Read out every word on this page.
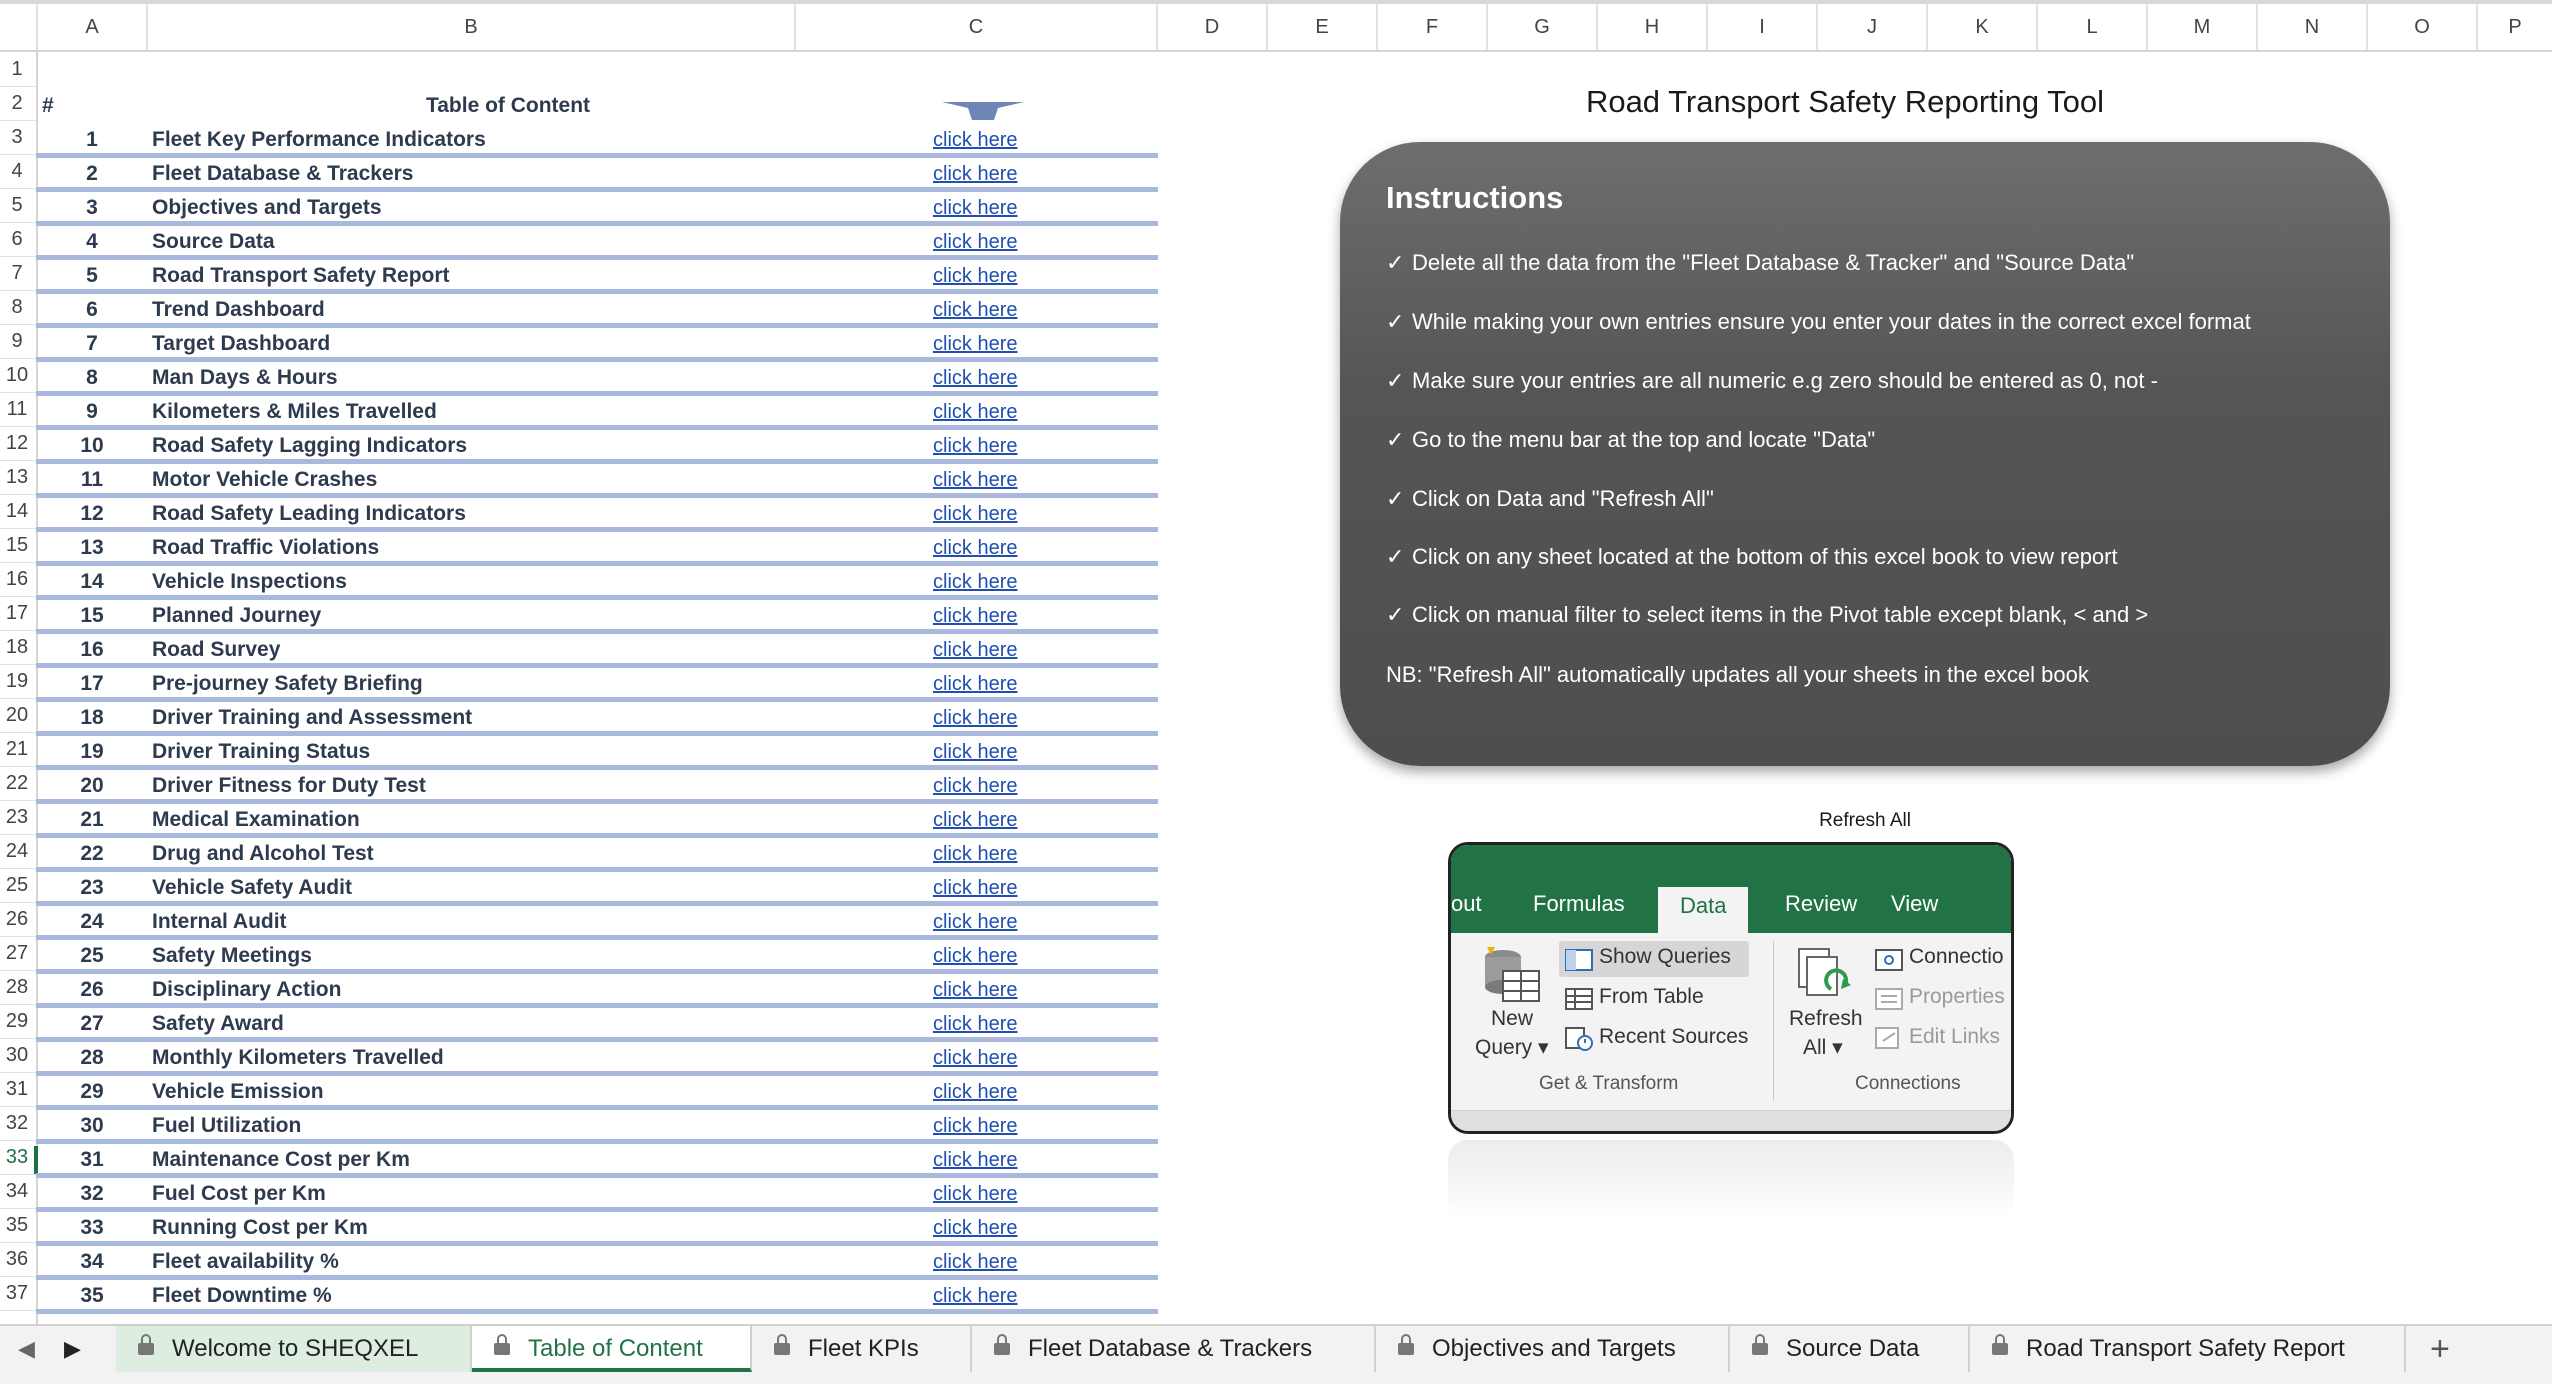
A	B	C	D	E	F	G	H	I	J	K	L	M	N	O	P
1
2
3
4
5
6
7
8
9
10
11
12
13
14
15
16
17
18
19
20
21
22
23
24
25
26
27
28
29
30
31
32
33
34
35
36
37
#	Table of Content
1	Fleet Key Performance Indicators	click here
2	Fleet Database & Trackers	click here
3	Objectives and Targets	click here
4	Source Data	click here
5	Road Transport Safety Report	click here
6	Trend Dashboard	click here
7	Target Dashboard	click here
8	Man Days & Hours	click here
9	Kilometers & Miles Travelled	click here
10	Road Safety Lagging Indicators	click here
11	Motor Vehicle Crashes	click here
12	Road Safety Leading Indicators	click here
13	Road Traffic Violations	click here
14	Vehicle Inspections	click here
15	Planned Journey	click here
16	Road Survey	click here
17	Pre-journey Safety Briefing	click here
18	Driver Training and Assessment	click here
19	Driver Training Status	click here
20	Driver Fitness for Duty Test	click here
21	Medical Examination	click here
22	Drug and Alcohol Test	click here
23	Vehicle Safety Audit	click here
24	Internal Audit	click here
25	Safety Meetings	click here
26	Disciplinary Action	click here
27	Safety Award	click here
28	Monthly Kilometers Travelled	click here
29	Vehicle Emission	click here
30	Fuel Utilization	click here
31	Maintenance Cost per Km	click here
32	Fuel Cost per Km	click here
33	Running Cost per Km	click here
34	Fleet availability %	click here
35	Fleet Downtime %	click here
Road Transport Safety Reporting Tool
Instructions
✓ Delete all the data from the "Fleet Database & Tracker" and "Source Data"
✓ While making your own entries ensure you enter your dates in the correct excel format
✓ Make sure your entries are all numeric e.g zero should be entered as 0, not -
✓ Go to the menu bar at the top and locate "Data"
✓ Click on Data and "Refresh All"
✓ Click on any sheet located at the bottom of this excel book to view report
✓ Click on manual filter to select items in the Pivot table except blank, < and >
NB: "Refresh All" automatically updates all your sheets in the excel book
Refresh All
out Formulas	Data	Review View
New
Query ▾
Show Queries
From Table
Recent Sources
Get & Transform
Refresh
All ▾
Connectio
Properties
Edit Links
Connections
◀ ▶	Welcome to SHEQXEL	Table of Content	Fleet KPIs	Fleet Database & Trackers	Objectives and Targets	Source Data	Road Transport Safety Report	+
